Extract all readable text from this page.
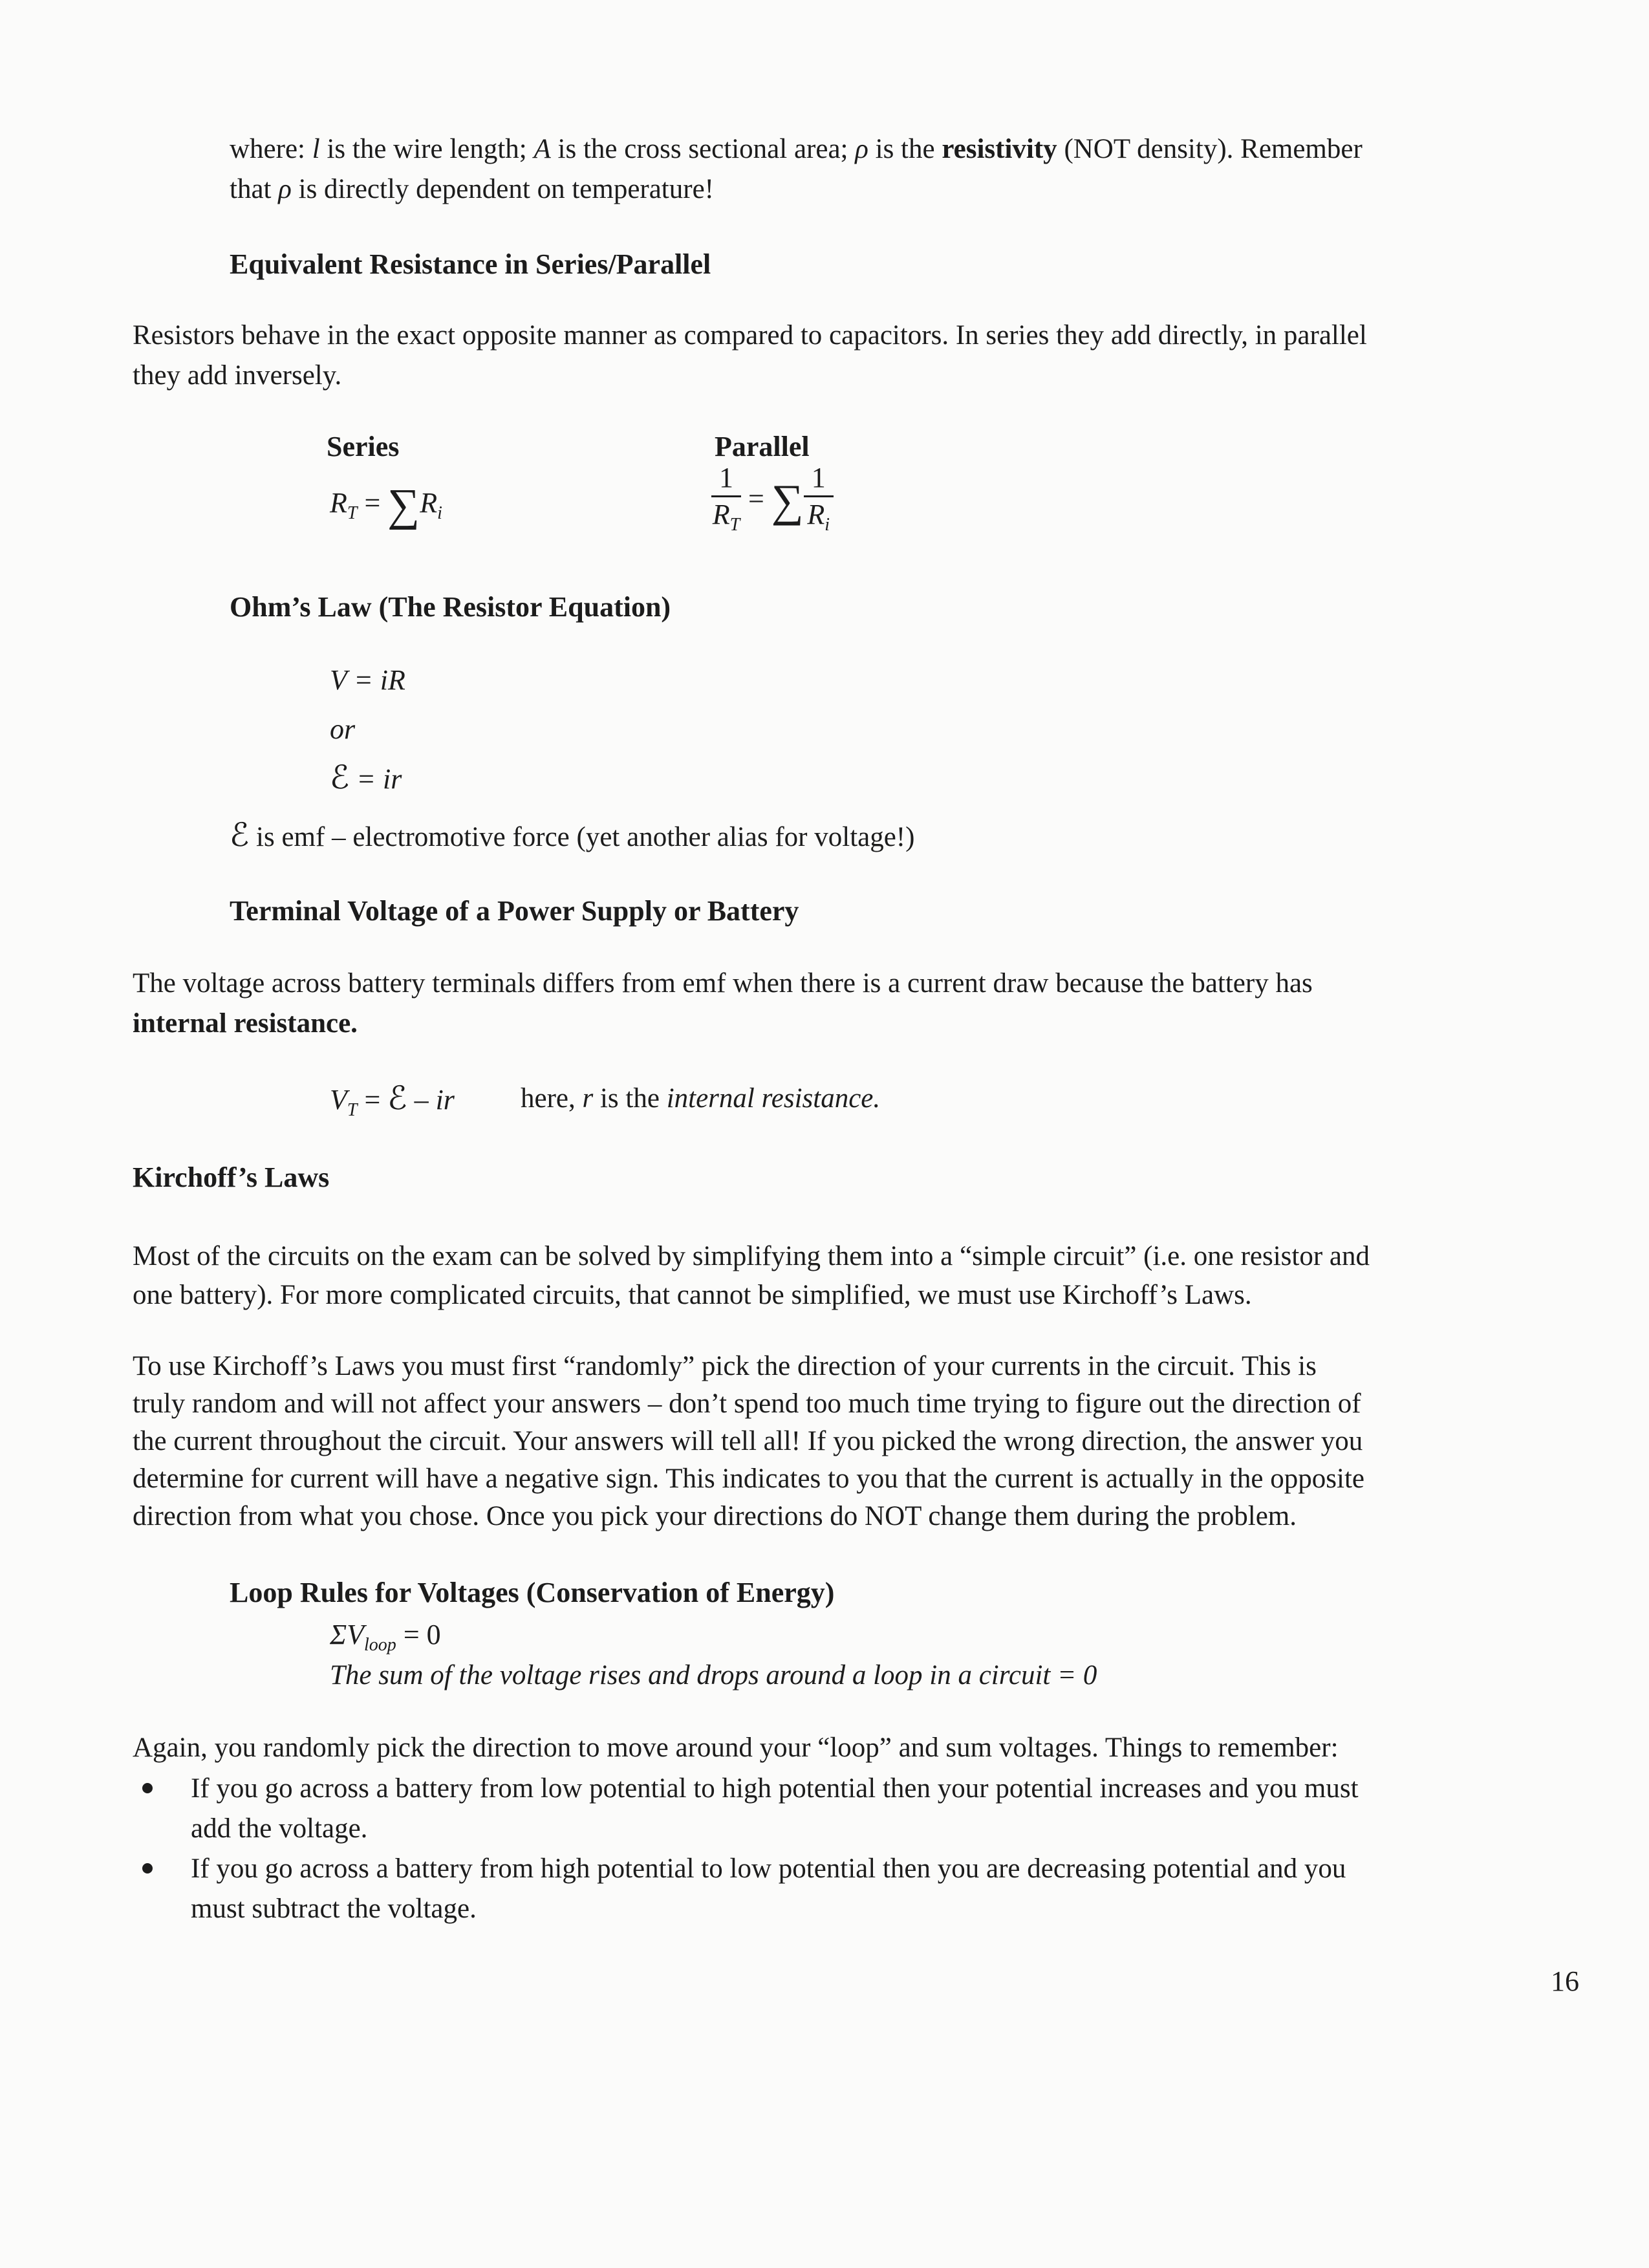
where: l is the wire length; A is the cross sectional area; ρ is the resistivity (NOT density). Remember
that ρ is directly dependent on temperature!
Equivalent Resistance in Series/Parallel
Resistors behave in the exact opposite manner as compared to capacitors. In series they add directly, in parallel
they add inversely.
Series	Parallel
$R_T = \sum R_i$	$\frac{1}{R_T}$ = ∑ $\frac{1}{R_i}$
Ohm’s Law (The Resistor Equation)
V = iR
or
ℰ = ir
ℰ is emf – electromotive force (yet another alias for voltage!)
Terminal Voltage of a Power Supply or Battery
The voltage across battery terminals differs from emf when there is a current draw because the battery has
internal resistance.
$V_T$ = ℰ – ir here, r is the internal resistance.
Kirchoff’s Laws
Most of the circuits on the exam can be solved by simplifying them into a “simple circuit” (i.e. one resistor and
one battery). For more complicated circuits, that cannot be simplified, we must use Kirchoff’s Laws.
To use Kirchoff’s Laws you must first “randomly” pick the direction of your currents in the circuit. This is
truly random and will not affect your answers – don’t spend too much time trying to figure out the direction of
the current throughout the circuit. Your answers will tell all! If you picked the wrong direction, the answer you
determine for current will have a negative sign. This indicates to you that the current is actually in the opposite
direction from what you chose. Once you pick your directions do NOT change them during the problem.
Loop Rules for Voltages (Conservation of Energy)
$\Sigma V_{loop} = 0$
The sum of the voltage rises and drops around a loop in a circuit = 0
Again, you randomly pick the direction to move around your “loop” and sum voltages. Things to remember:
If you go across a battery from low potential to high potential then your potential increases and you must
add the voltage.
If you go across a battery from high potential to low potential then you are decreasing potential and you
must subtract the voltage.
16
